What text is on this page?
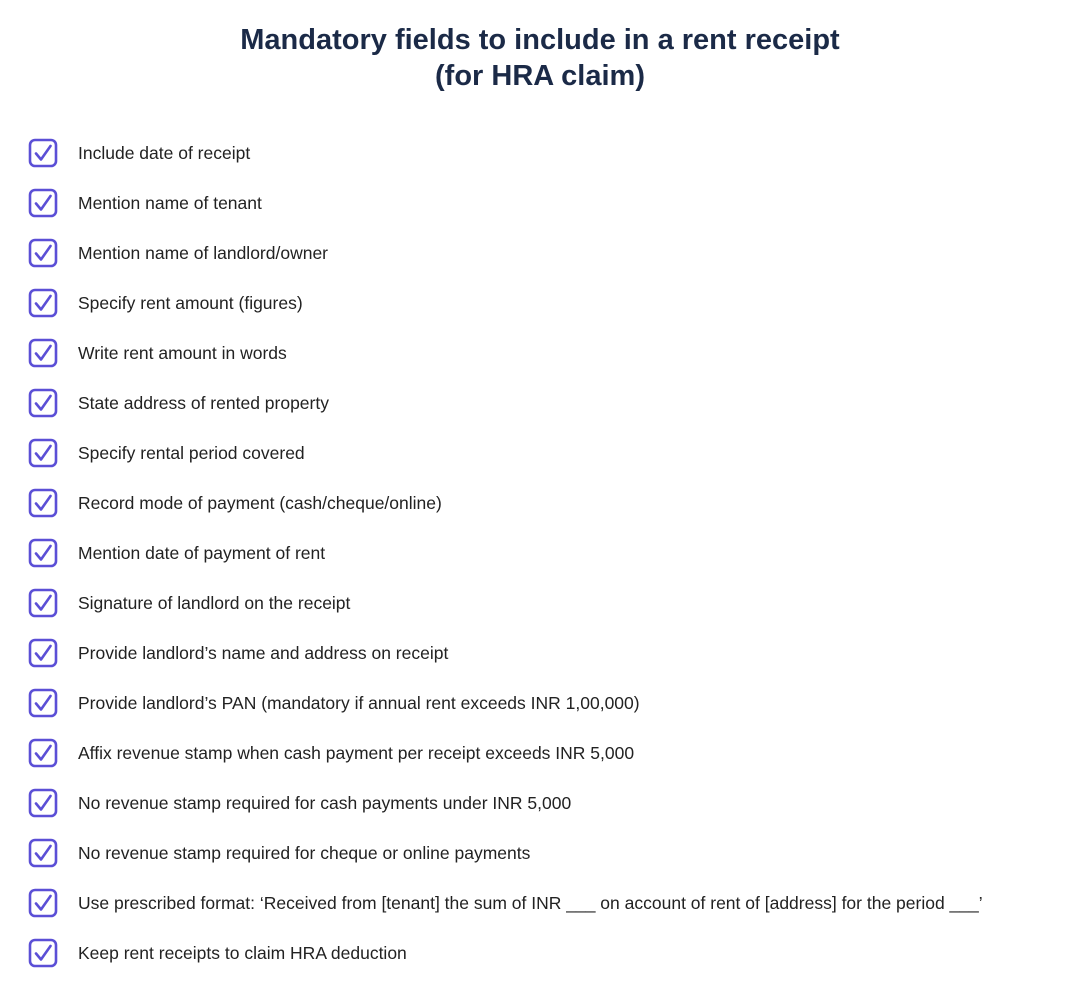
Mandatory fields to include in a rent receipt
(for HRA claim)
Include date of receipt
Mention name of tenant
Mention name of landlord/owner
Specify rent amount (figures)
Write rent amount in words
State address of rented property
Specify rental period covered
Record mode of payment (cash/cheque/online)
Mention date of payment of rent
Signature of landlord on the receipt
Provide landlord’s name and address on receipt
Provide landlord’s PAN (mandatory if annual rent exceeds INR 1,00,000)
Affix revenue stamp when cash payment per receipt exceeds INR 5,000
No revenue stamp required for cash payments under INR 5,000
No revenue stamp required for cheque or online payments
Use prescribed format: ‘Received from [tenant] the sum of INR ___ on account of rent of [address] for the period ___’
Keep rent receipts to claim HRA deduction
